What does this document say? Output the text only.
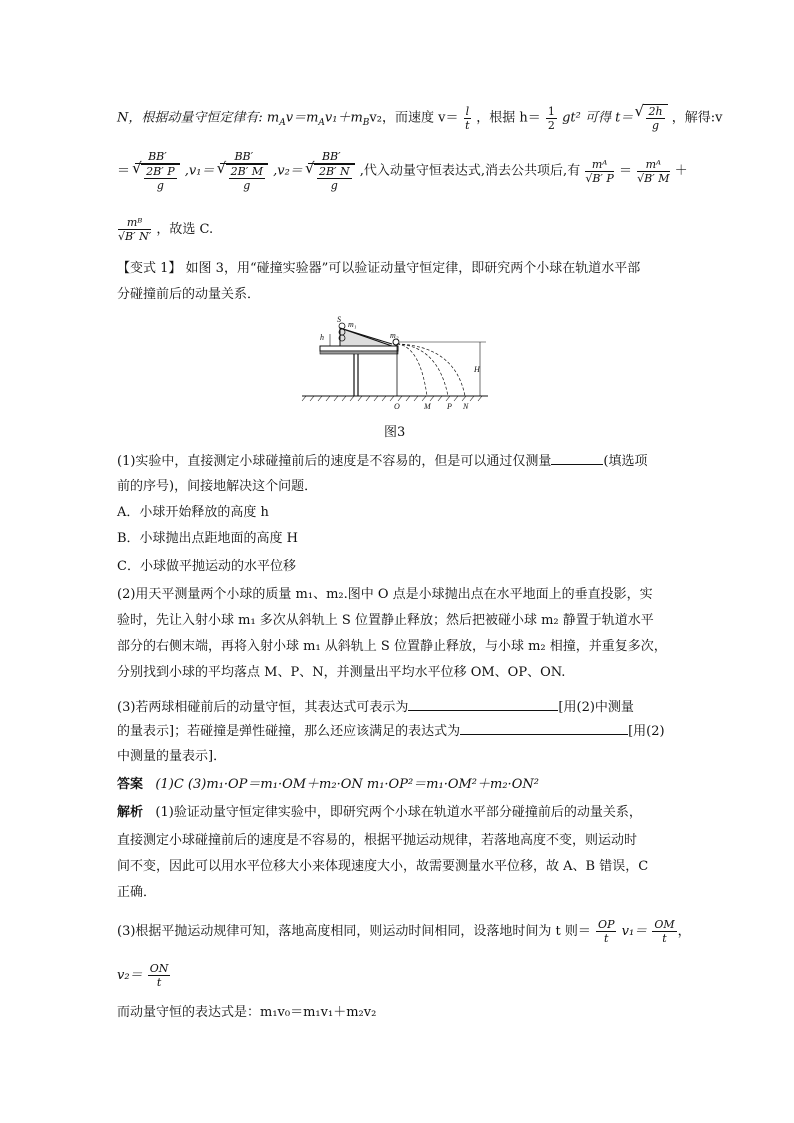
N，根据动量守恒定律有: $m_Av=m_Av_1+m_Bv_2$，而速度 $v= \frac{l}{t}$ ，根据 $h= \frac{1}{2} gt^2$ 可得 t＝
√ $\frac{2h}{g}$ ，解得:v
＝ BB′
√ $\frac{2B' P}{g} ,v_1= BB'$
√ $\frac{2B' M}{g} ,v_2= BB'$
√ $\frac{2B' N}{g}$ ,代入动量守恒表达式,消去公共项后,有 $\frac{\text{mᴬ}}{√B' P} = \frac{\text{mᴬ}}{√B' M}$ ＋
$\frac{\text{mᴮ}}{√B' N'}$ ，故选 C.
【变式 1】 如图 3，用“碰撞实验器”可以验证动量守恒定律，即研究两个小球在轨道水平部
分碰撞前后的动量关系．
S
m₁
h	m₂
H
O	M P N
图3
(1)实验中，直接测定小球碰撞前后的速度是不容易的，但是可以通过仅测量	(填选项
前的序号)，间接地解决这个问题．
A．小球开始释放的高度 h
B．小球抛出点距地面的高度 H
C．小球做平抛运动的水平位移
(2)用天平测量两个小球的质量 m₁、m₂.图中 O 点是小球抛出点在水平地面上的垂直投影，实
验时，先让入射小球 m₁ 多次从斜轨上 S 位置静止释放；然后把被碰小球 m₂ 静置于轨道水平
部分的右侧末端，再将入射小球 m₁ 从斜轨上 S 位置静止释放，与小球 m₂ 相撞，并重复多次，
分别找到小球的平均落点 M、P、N，并测量出平均水平位移 OM、OP、ON.
(3)若两球相碰前后的动量守恒，其表达式可表示为	[用(2)中测量
的量表示]；若碰撞是弹性碰撞，那么还应该满足的表达式为	[用(2)
中测量的量表示]．
答案 (1)C (3)m₁·OP＝m₁·OM＋m₂·ON m₁·OP²＝m₁·OM²＋m₂·ON²
解析 (1)验证动量守恒定律实验中，即研究两个小球在轨道水平部分碰撞前后的动量关系，
直接测定小球碰撞前后的速度是不容易的，根据平抛运动规律，若落地高度不变，则运动时
间不变，因此可以用水平位移大小来体现速度大小，故需要测量水平位移，故 A、B 错误，C
正确．
(3)根据平抛运动规律可知，落地高度相同，则运动时间相同，设落地时间为 t 则＝ $\frac{OP}{t} v_1= \frac{OM}{t}$ ，
$v_2= \frac{ON}{t}$
而动量守恒的表达式是：m₁v₀＝m₁v₁＋m₂v₂
